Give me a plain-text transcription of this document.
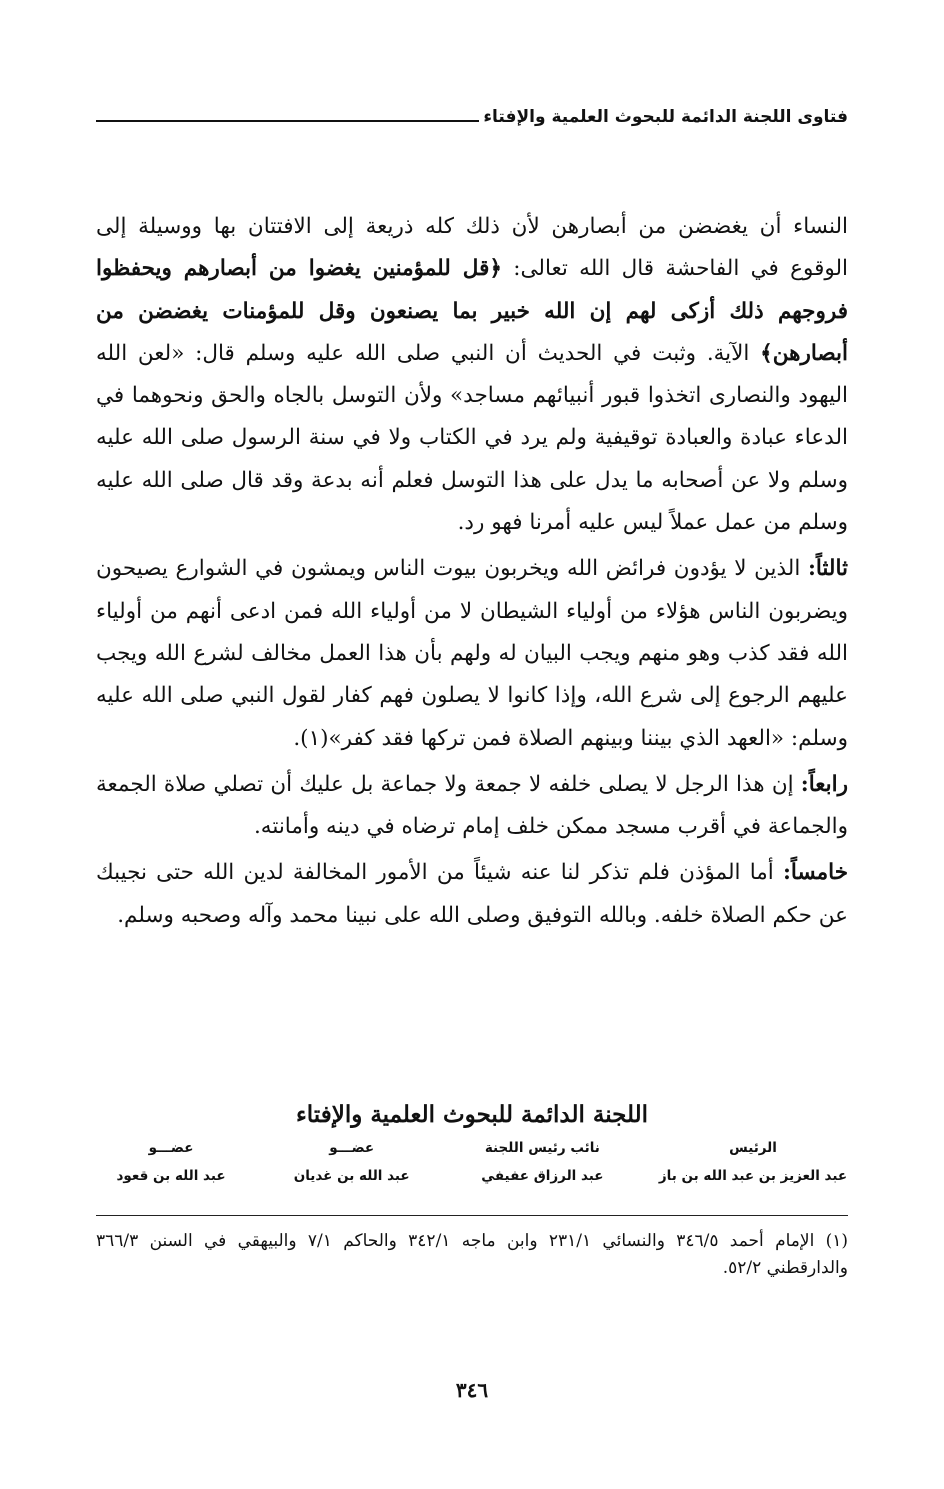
فتاوى اللجنة الدائمة للبحوث العلمية والإفتاء

النساء أن يغضضن من أبصارهن لأن ذلك كله ذريعة إلى الافتتان بها ووسيلة إلى الوقوع في الفاحشة قال الله تعالى: ﴿قل للمؤمنين يغضوا من أبصارهم ويحفظوا فروجهم ذلك أزكى لهم إن الله خبير بما يصنعون وقل للمؤمنات يغضضن من أبصارهن﴾ الآية. وثبت في الحديث أن النبي صلى الله عليه وسلم قال: «لعن الله اليهود والنصارى اتخذوا قبور أنبيائهم مساجد» ولأن التوسل بالجاه والحق ونحوهما في الدعاء عبادة والعبادة توقيفية ولم يرد في الكتاب ولا في سنة الرسول صلى الله عليه وسلم ولا عن أصحابه ما يدل على هذا التوسل فعلم أنه بدعة وقد قال صلى الله عليه وسلم من عمل عملاً ليس عليه أمرنا فهو رد.

ثالثاً: الذين لا يؤدون فرائض الله ويخربون بيوت الناس ويمشون في الشوارع يصيحون ويضربون الناس هؤلاء من أولياء الشيطان لا من أولياء الله فمن ادعى أنهم من أولياء الله فقد كذب وهو منهم ويجب البيان له ولهم بأن هذا العمل مخالف لشرع الله ويجب عليهم الرجوع إلى شرع الله، وإذا كانوا لا يصلون فهم كفار لقول النبي صلى الله عليه وسلم: «العهد الذي بيننا وبينهم الصلاة فمن تركها فقد كفر»(١).

رابعاً: إن هذا الرجل لا يصلى خلفه لا جمعة ولا جماعة بل عليك أن تصلي صلاة الجمعة والجماعة في أقرب مسجد ممكن خلف إمام ترضاه في دينه وأمانته.

خامساً: أما المؤذن فلم تذكر لنا عنه شيئاً من الأمور المخالفة لدين الله حتى نجيبك عن حكم الصلاة خلفه. وبالله التوفيق وصلى الله على نبينا محمد وآله وصحبه وسلم.

اللجنة الدائمة للبحوث العلمية والإفتاء
الرئيس
عبد العزيز بن عبد الله بن باز
نائب رئيس اللجنة
عبد الرزاق عفيفي
عضـــو
عبد الله بن غديان
عضـــو
عبد الله بن قعود
(١) الإمام أحمد ٣٤٦/٥ والنسائي ٢٣١/١ وابن ماجه ٣٤٢/١ والحاكم ٧/١ والبيهقي في السنن ٣٦٦/٣ والدارقطني ٥٢/٢.
٣٤٦
